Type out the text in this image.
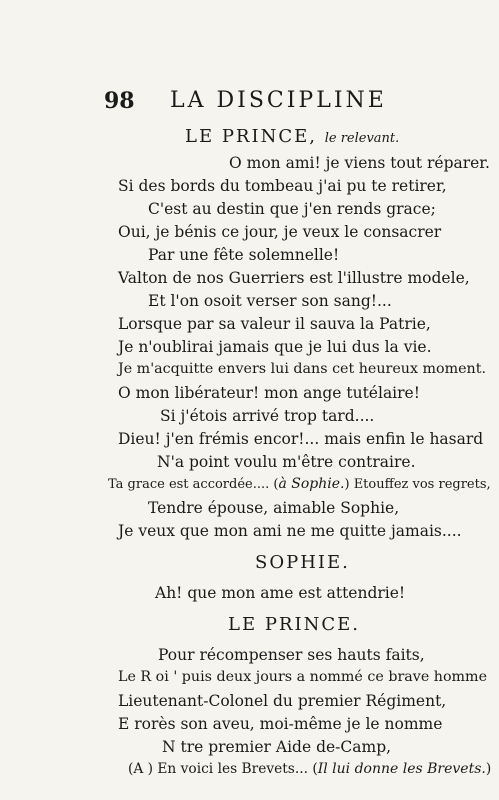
98 LA DISCIPLINE
LE PRINCE, le relevant.
O mon ami! je viens tout réparer.
Si des bords du tombeau j'ai pu te retirer,
C'est au destin que j'en rends grace;
Oui, je bénis ce jour, je veux le consacrer
Par une fête solemnelle!
Valton de nos Guerriers est l'illustre modele,
Et l'on osoit verser son sang!...
Lorsque par sa valeur il sauva la Patrie,
Je n'oublirai jamais que je lui dus la vie.
Je m'acquitte envers lui dans cet heureux moment.
O mon libérateur! mon ange tutélaire!
Si j'étois arrivé trop tard....
Dieu! j'en frémis encor!... mais enfin le hasard
N'a point voulu m'être contraire.
Ta grace est accordée.... (à Sophie.) Etouffez vos regrets,
Tendre épouse, aimable Sophie,
Je veux que mon ami ne me quitte jamais....
SOPHIE.
Ah! que mon ame est attendrie!
LE PRINCE.
Pour récompenser ses hauts faits,
Le R oi ' puis deux jours a nommé ce brave homme
Lieutenant-Colonel du premier Régiment,
E rorès son aveu, moi-même je le nomme
N tre premier Aide de-Camp,
(A ) En voici les Brevets... (Il lui donne les Brevets.)
